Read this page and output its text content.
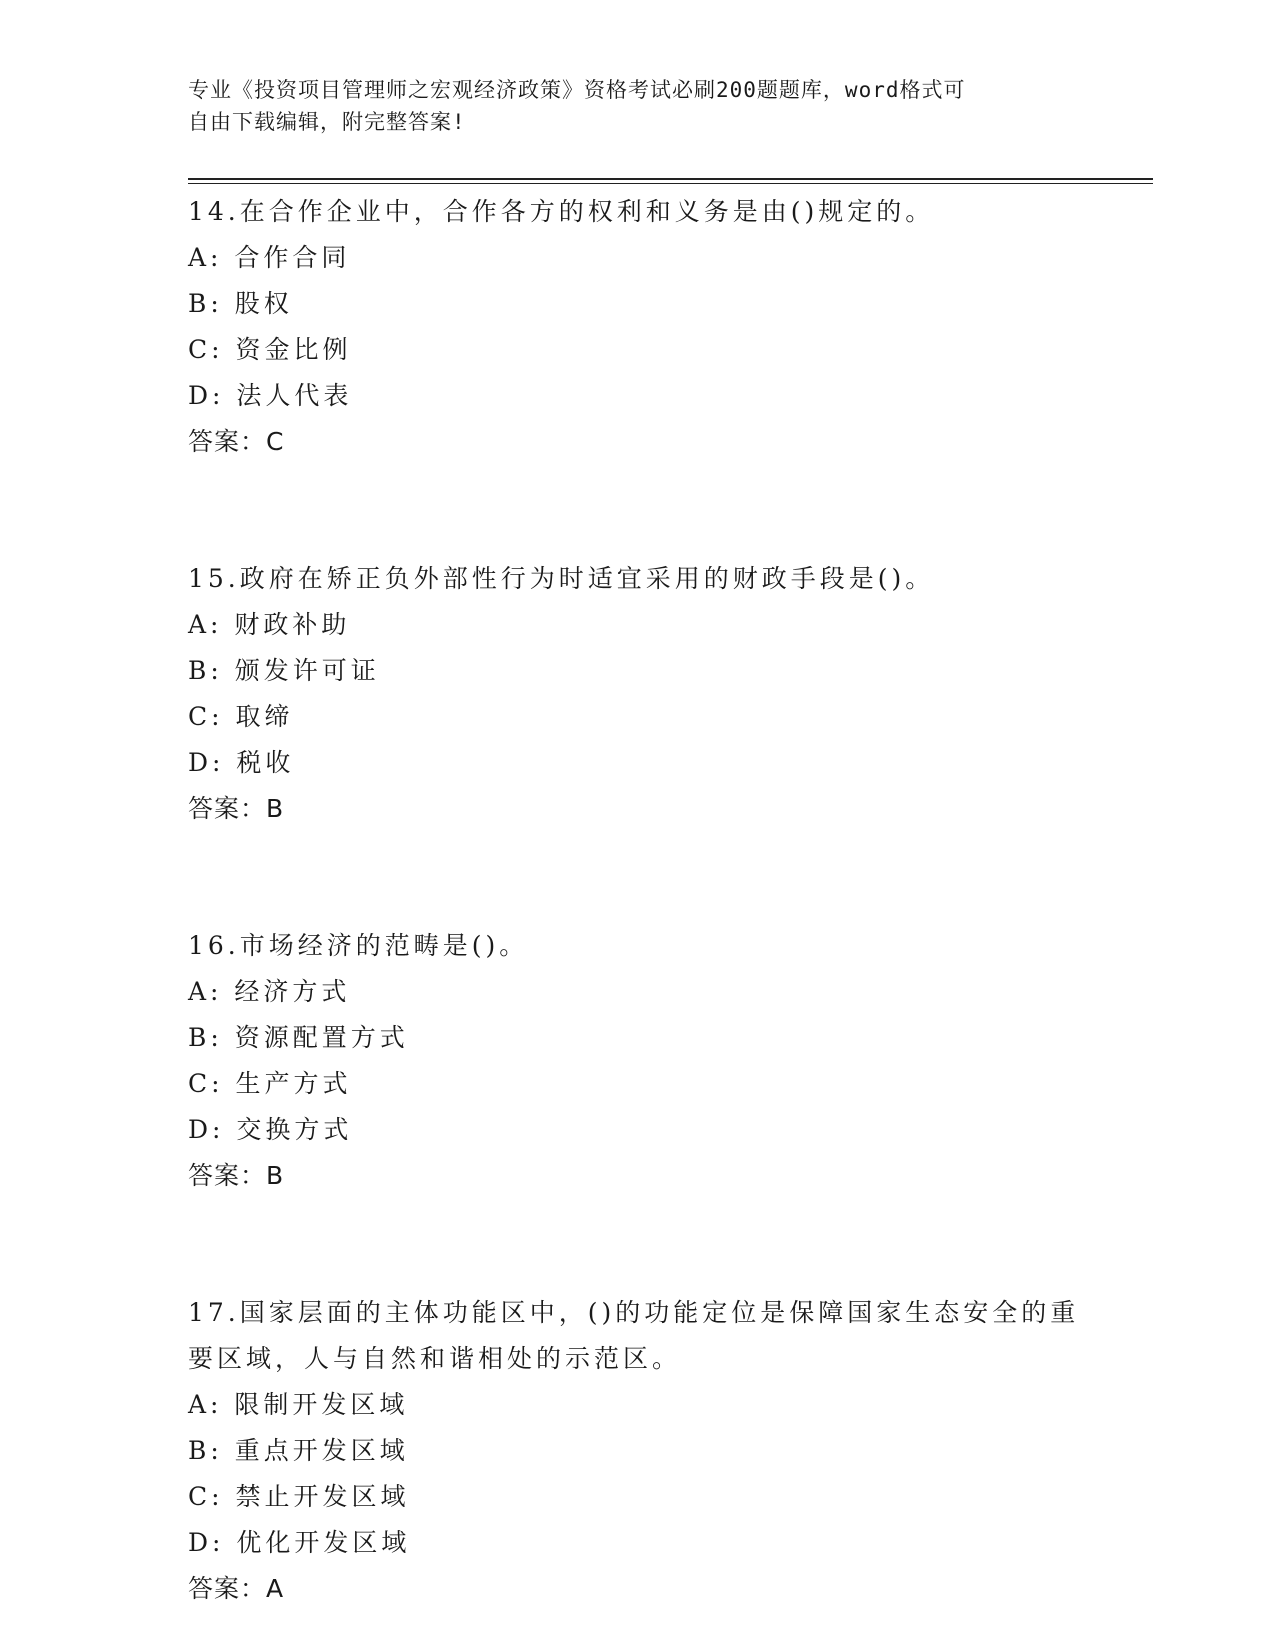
专业《投资项目管理师之宏观经济政策》资格考试必刷200题题库，word格式可
自由下载编辑，附完整答案!
14.在合作企业中，合作各方的权利和义务是由()规定的。
A: 合作合同
B: 股权
C: 资金比例
D: 法人代表
答案：C
15.政府在矫正负外部性行为时适宜采用的财政手段是()。
A: 财政补助
B: 颁发许可证
C: 取缔
D: 税收
答案：B
16.市场经济的范畴是()。
A: 经济方式
B: 资源配置方式
C: 生产方式
D: 交换方式
答案：B
17.国家层面的主体功能区中，()的功能定位是保障国家生态安全的重要区域，人与自然和谐相处的示范区。
A: 限制开发区域
B: 重点开发区域
C: 禁止开发区域
D: 优化开发区域
答案：A
